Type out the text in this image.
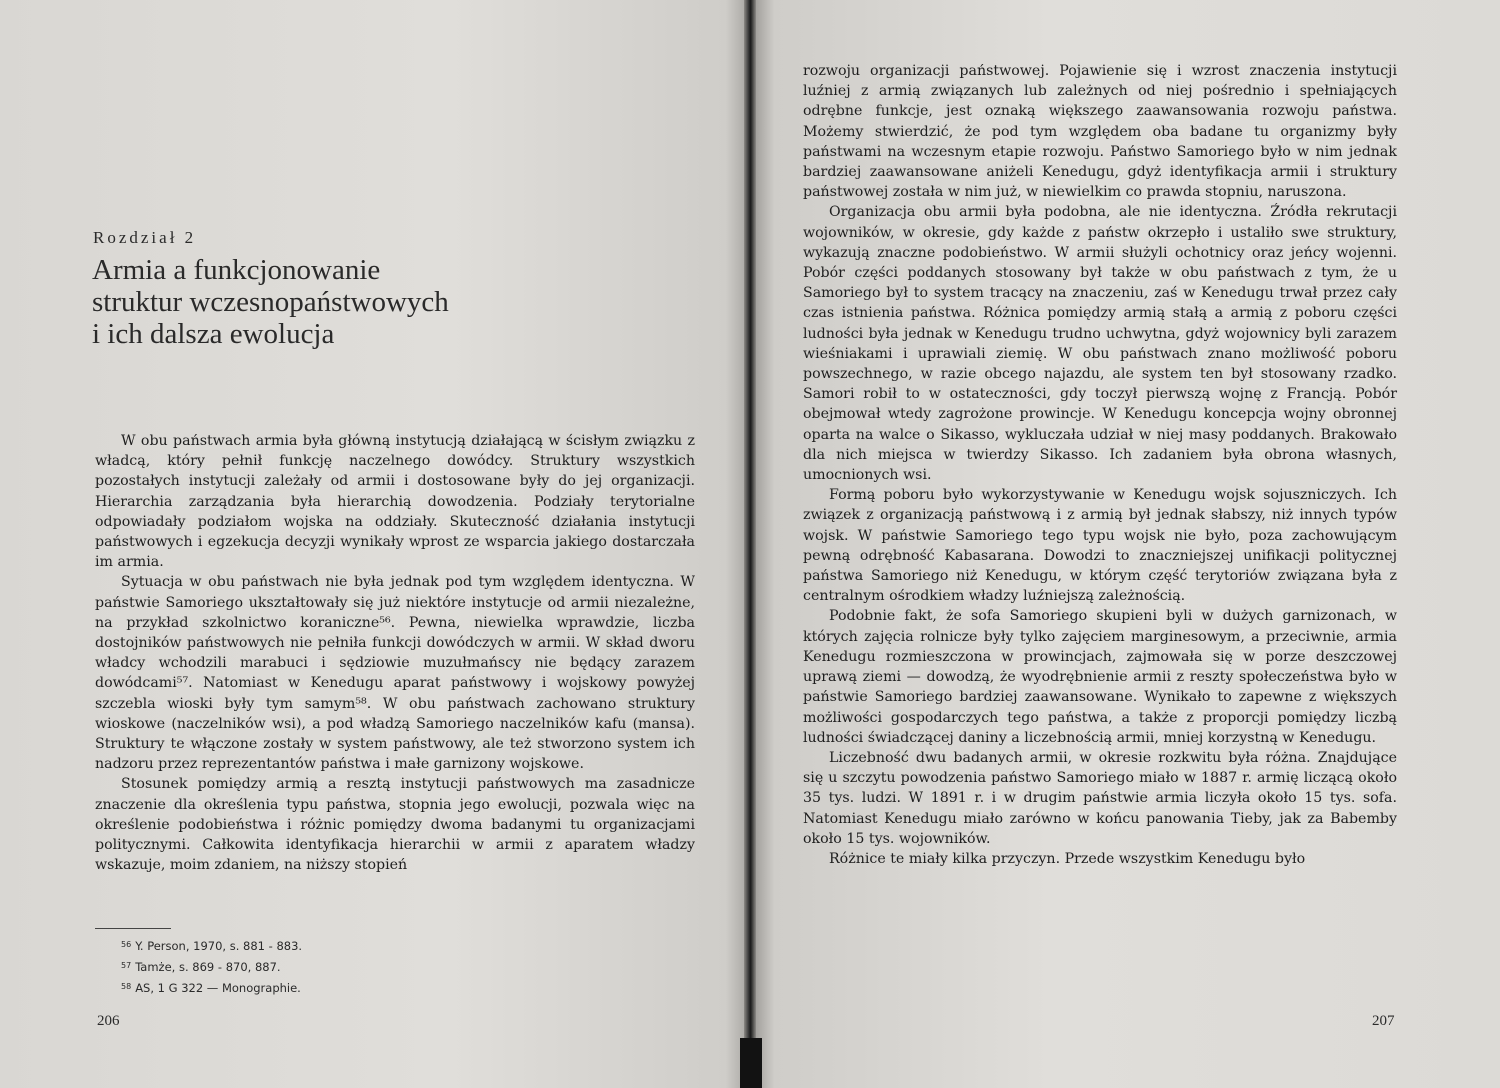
Rozdział 2
Armia a funkcjonowanie
struktur wczesnopaństwowych
i ich dalsza ewolucja

W obu państwach armia była główną instytucją działającą w ścisłym związku z władcą, który pełnił funkcję naczelnego dowódcy. Struktury wszystkich pozostałych instytucji zależały od armii i dostosowane były do jej organizacji. Hierarchia zarządzania była hierarchią dowodzenia. Podziały terytorialne odpowiadały podziałom wojska na oddziały. Skuteczność działania instytucji państwowych i egzekucja decyzji wynikały wprost ze wsparcia jakiego dostarczała im armia.

Sytuacja w obu państwach nie była jednak pod tym względem identyczna. W państwie Samoriego ukształtowały się już niektóre instytucje od armii niezależne, na przykład szkolnictwo koraniczne⁵⁶. Pewna, niewielka wprawdzie, liczba dostojników państwowych nie pełniła funkcji dowódczych w armii. W skład dworu władcy wchodzili marabuci i sędziowie muzułmańscy nie będący zarazem dowódcami⁵⁷. Natomiast w Kenedugu aparat państwowy i wojskowy powyżej szczebla wioski były tym samym⁵⁸. W obu państwach zachowano struktury wioskowe (naczelników wsi), a pod władzą Samoriego naczelników kafu (mansa). Struktury te włączone zostały w system państwowy, ale też stworzono system ich nadzoru przez reprezentantów państwa i małe garnizony wojskowe.

Stosunek pomiędzy armią a resztą instytucji państwowych ma zasadnicze znaczenie dla określenia typu państwa, stopnia jego ewolucji, pozwala więc na określenie podobieństwa i różnic pomiędzy dwoma badanymi tu organizacjami politycznymi. Całkowita identyfikacja hierarchii w armii z aparatem władzy wskazuje, moim zdaniem, na niższy stopień

$^{56}$ Y. Person, 1970, s. 881 - 883.
$^{57}$ Tamże, s. 869 - 870, 887.
$^{58}$ AS, 1 G 322 — Monographie.
206

rozwoju organizacji państwowej. Pojawienie się i wzrost znaczenia instytucji luźniej z armią związanych lub zależnych od niej pośrednio i spełniających odrębne funkcje, jest oznaką większego zaawansowania rozwoju państwa. Możemy stwierdzić, że pod tym względem oba badane tu organizmy były państwami na wczesnym etapie rozwoju. Państwo Samoriego było w nim jednak bardziej zaawansowane aniżeli Kenedugu, gdyż identyfikacja armii i struktury państwowej została w nim już, w niewielkim co prawda stopniu, naruszona.

Organizacja obu armii była podobna, ale nie identyczna. Źródła rekrutacji wojowników, w okresie, gdy każde z państw okrzepło i ustaliło swe struktury, wykazują znaczne podobieństwo. W armii służyli ochotnicy oraz jeńcy wojenni. Pobór części poddanych stosowany był także w obu państwach z tym, że u Samoriego był to system tracący na znaczeniu, zaś w Kenedugu trwał przez cały czas istnienia państwa. Różnica pomiędzy armią stałą a armią z poboru części ludności była jednak w Kenedugu trudno uchwytna, gdyż wojownicy byli zarazem wieśniakami i uprawiali ziemię. W obu państwach znano możliwość poboru powszechnego, w razie obcego najazdu, ale system ten był stosowany rzadko. Samori robił to w ostateczności, gdy toczył pierwszą wojnę z Francją. Pobór obejmował wtedy zagrożone prowincje. W Kenedugu koncepcja wojny obronnej oparta na walce o Sikasso, wykluczała udział w niej masy poddanych. Brakowało dla nich miejsca w twierdzy Sikasso. Ich zadaniem była obrona własnych, umocnionych wsi.

Formą poboru było wykorzystywanie w Kenedugu wojsk sojuszniczych. Ich związek z organizacją państwową i z armią był jednak słabszy, niż innych typów wojsk. W państwie Samoriego tego typu wojsk nie było, poza zachowującym pewną odrębność Kabasarana. Dowodzi to znaczniejszej unifikacji politycznej państwa Samoriego niż Kenedugu, w którym część terytoriów związana była z centralnym ośrodkiem władzy luźniejszą zależnością.

Podobnie fakt, że sofa Samoriego skupieni byli w dużych garnizonach, w których zajęcia rolnicze były tylko zajęciem marginesowym, a przeciwnie, armia Kenedugu rozmieszczona w prowincjach, zajmowała się w porze deszczowej uprawą ziemi — dowodzą, że wyodrębnienie armii z reszty społeczeństwa było w państwie Samoriego bardziej zaawansowane. Wynikało to zapewne z większych możliwości gospodarczych tego państwa, a także z proporcji pomiędzy liczbą ludności świadczącej daniny a liczebnością armii, mniej korzystną w Kenedugu.

Liczebność dwu badanych armii, w okresie rozkwitu była różna. Znajdujące się u szczytu powodzenia państwo Samoriego miało w 1887 r. armię liczącą około 35 tys. ludzi. W 1891 r. i w drugim państwie armia liczyła około 15 tys. sofa. Natomiast Kenedugu miało zarówno w końcu panowania Tieby, jak za Babemby około 15 tys. wojowników.

Różnice te miały kilka przyczyn. Przede wszystkim Kenedugu było

207
